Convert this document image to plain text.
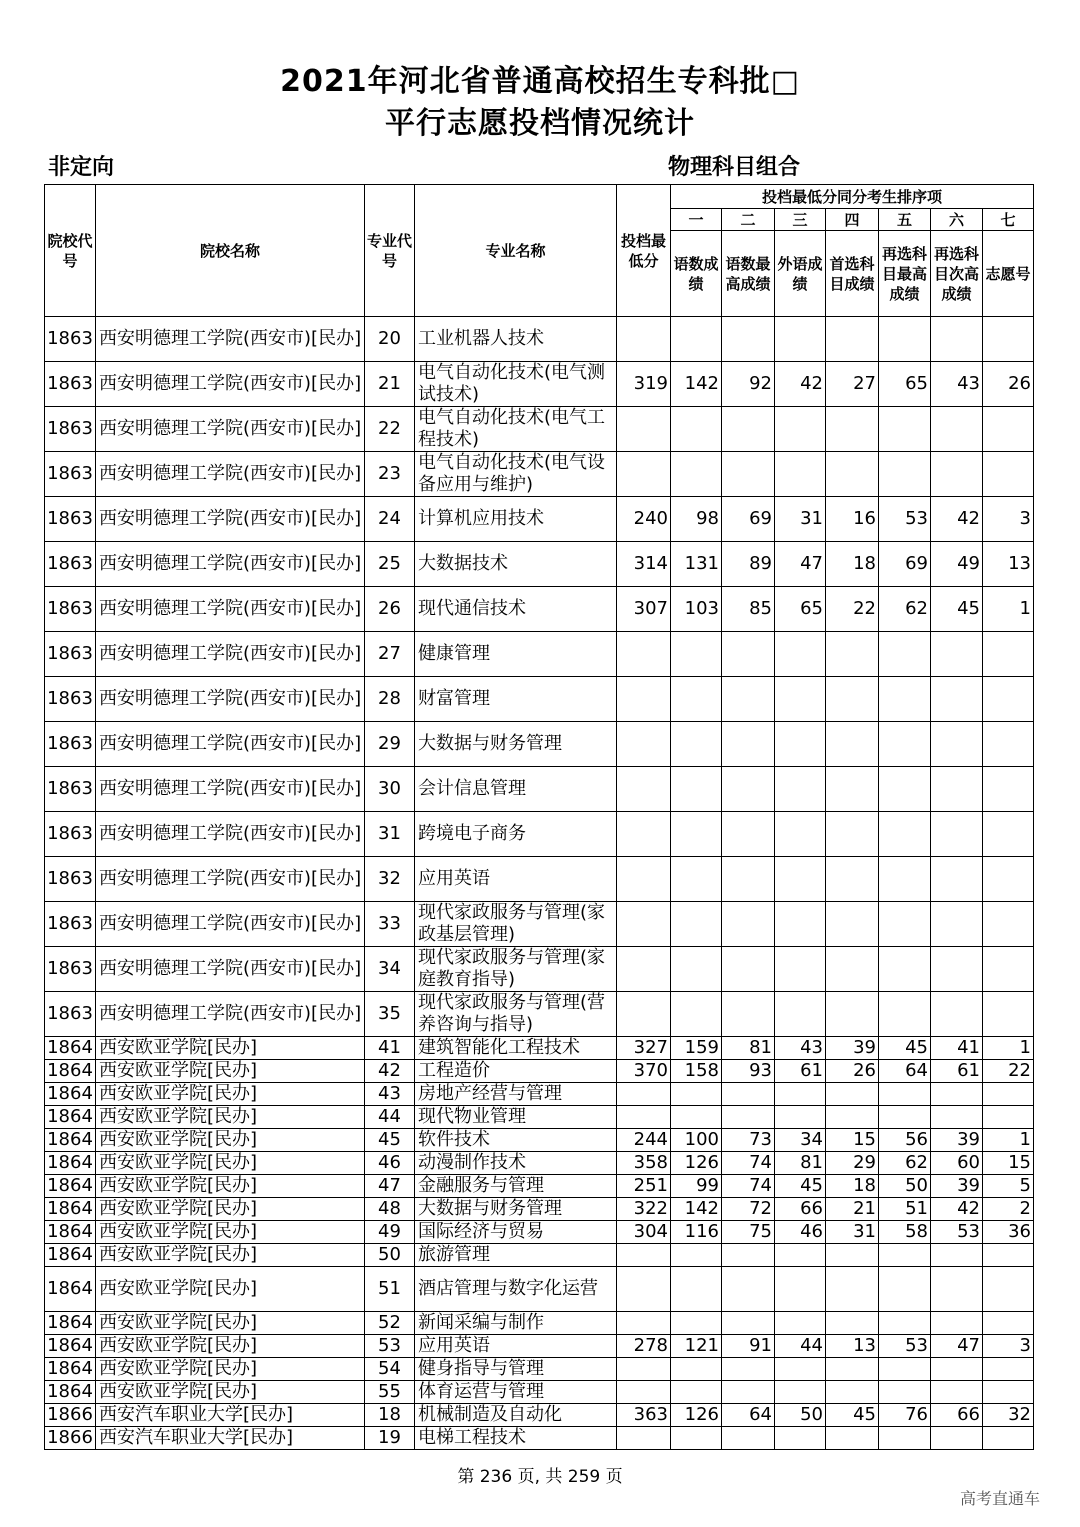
2021年河北省普通高校招生专科批□
平行志愿投档情况统计
非定向	物理科目组合
院校代号	院校名称	专业代号	专业名称	投档最低分	投档最低分同分考生排序项						
					一	二	三	四	五	六	七
					语数成绩	语数最高成绩	外语成绩	首选科目成绩	再选科目最高成绩	再选科目次高成绩	志愿号
1863	西安明德理工学院(西安市)[民办]	20	工业机器人技术								
1863	西安明德理工学院(西安市)[民办]	21	电气自动化技术(电气测试技术)	319	142	92	42	27	65	43	26
1863	西安明德理工学院(西安市)[民办]	22	电气自动化技术(电气工程技术)								
1863	西安明德理工学院(西安市)[民办]	23	电气自动化技术(电气设备应用与维护)								
1863	西安明德理工学院(西安市)[民办]	24	计算机应用技术	240	98	69	31	16	53	42	3
1863	西安明德理工学院(西安市)[民办]	25	大数据技术	314	131	89	47	18	69	49	13
1863	西安明德理工学院(西安市)[民办]	26	现代通信技术	307	103	85	65	22	62	45	1
1863	西安明德理工学院(西安市)[民办]	27	健康管理								
1863	西安明德理工学院(西安市)[民办]	28	财富管理								
1863	西安明德理工学院(西安市)[民办]	29	大数据与财务管理								
1863	西安明德理工学院(西安市)[民办]	30	会计信息管理								
1863	西安明德理工学院(西安市)[民办]	31	跨境电子商务								
1863	西安明德理工学院(西安市)[民办]	32	应用英语								
1863	西安明德理工学院(西安市)[民办]	33	现代家政服务与管理(家政基层管理)								
1863	西安明德理工学院(西安市)[民办]	34	现代家政服务与管理(家庭教育指导)								
1863	西安明德理工学院(西安市)[民办]	35	现代家政服务与管理(营养咨询与指导)								
1864	西安欧亚学院[民办]	41	建筑智能化工程技术	327	159	81	43	39	45	41	1
1864	西安欧亚学院[民办]	42	工程造价	370	158	93	61	26	64	61	22
1864	西安欧亚学院[民办]	43	房地产经营与管理								
1864	西安欧亚学院[民办]	44	现代物业管理								
1864	西安欧亚学院[民办]	45	软件技术	244	100	73	34	15	56	39	1
1864	西安欧亚学院[民办]	46	动漫制作技术	358	126	74	81	29	62	60	15
1864	西安欧亚学院[民办]	47	金融服务与管理	251	99	74	45	18	50	39	5
1864	西安欧亚学院[民办]	48	大数据与财务管理	322	142	72	66	21	51	42	2
1864	西安欧亚学院[民办]	49	国际经济与贸易	304	116	75	46	31	58	53	36
1864	西安欧亚学院[民办]	50	旅游管理								
1864	西安欧亚学院[民办]	51	酒店管理与数字化运营								
1864	西安欧亚学院[民办]	52	新闻采编与制作								
1864	西安欧亚学院[民办]	53	应用英语	278	121	91	44	13	53	47	3
1864	西安欧亚学院[民办]	54	健身指导与管理								
1864	西安欧亚学院[民办]	55	体育运营与管理								
1866	西安汽车职业大学[民办]	18	机械制造及自动化	363	126	64	50	45	76	66	32
1866	西安汽车职业大学[民办]	19	电梯工程技术								
第 236 页, 共 259 页
高考直通车
